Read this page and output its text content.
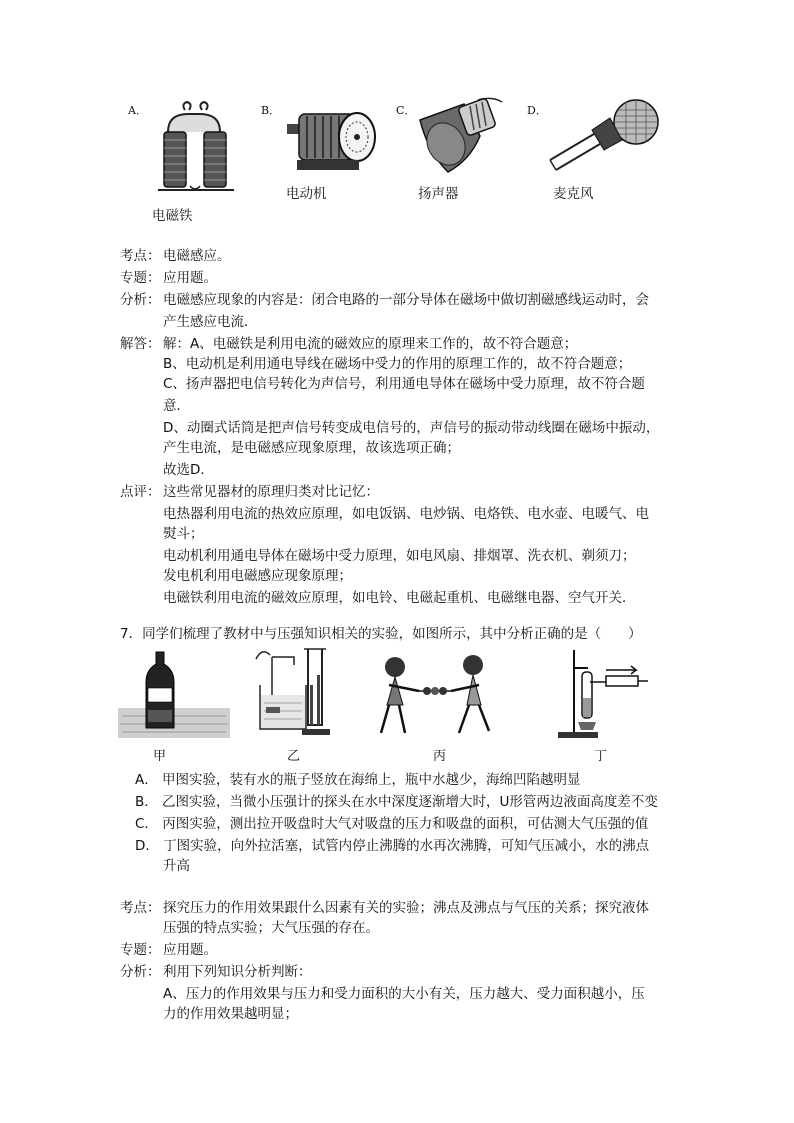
A．	B．	C．	D．
电磁铁
电动机	扬声器	麦克风
考点： 电磁感应。
专题： 应用题。
分析： 电磁感应现象的内容是：闭合电路的一部分导体在磁场中做切割磁感线运动时，会
产生感应电流．
解答： 解：A、电磁铁是利用电流的磁效应的原理来工作的，故不符合题意；
B、电动机是利用通电导线在磁场中受力的作用的原理工作的，故不符合题意；
C、扬声器把电信号转化为声信号，利用通电导体在磁场中受力原理，故不符合题
意．
D、动圈式话筒是把声信号转变成电信号的，声信号的振动带动线圈在磁场中振动，
产生电流，是电磁感应现象原理，故该选项正确；
故选D．
点评： 这些常见器材的原理归类对比记忆：
电热器利用电流的热效应原理，如电饭锅、电炒锅、电烙铁、电水壶、电暖气、电
熨斗；
电动机利用通电导体在磁场中受力原理，如电风扇、排烟罩、洗衣机、剃须刀；
发电机利用电磁感应现象原理；
电磁铁利用电流的磁效应原理，如电铃、电磁起重机、电磁继电器、空气开关．
7．同学们梳理了教材中与压强知识相关的实验，如图所示，其中分析正确的是（　　）
甲	乙	丙	丁
A． 甲图实验，装有水的瓶子竖放在海绵上，瓶中水越少，海绵凹陷越明显
B． 乙图实验，当微小压强计的探头在水中深度逐渐增大时，U形管两边液面高度差不变
C． 丙图实验，测出拉开吸盘时大气对吸盘的压力和吸盘的面积，可估测大气压强的值
D． 丁图实验，向外拉活塞，试管内停止沸腾的水再次沸腾，可知气压减小，水的沸点
升高
考点： 探究压力的作用效果跟什么因素有关的实验；沸点及沸点与气压的关系；探究液体
压强的特点实验；大气压强的存在。
专题： 应用题。
分析： 利用下列知识分析判断：
A、压力的作用效果与压力和受力面积的大小有关，压力越大、受力面积越小，压
力的作用效果越明显；
